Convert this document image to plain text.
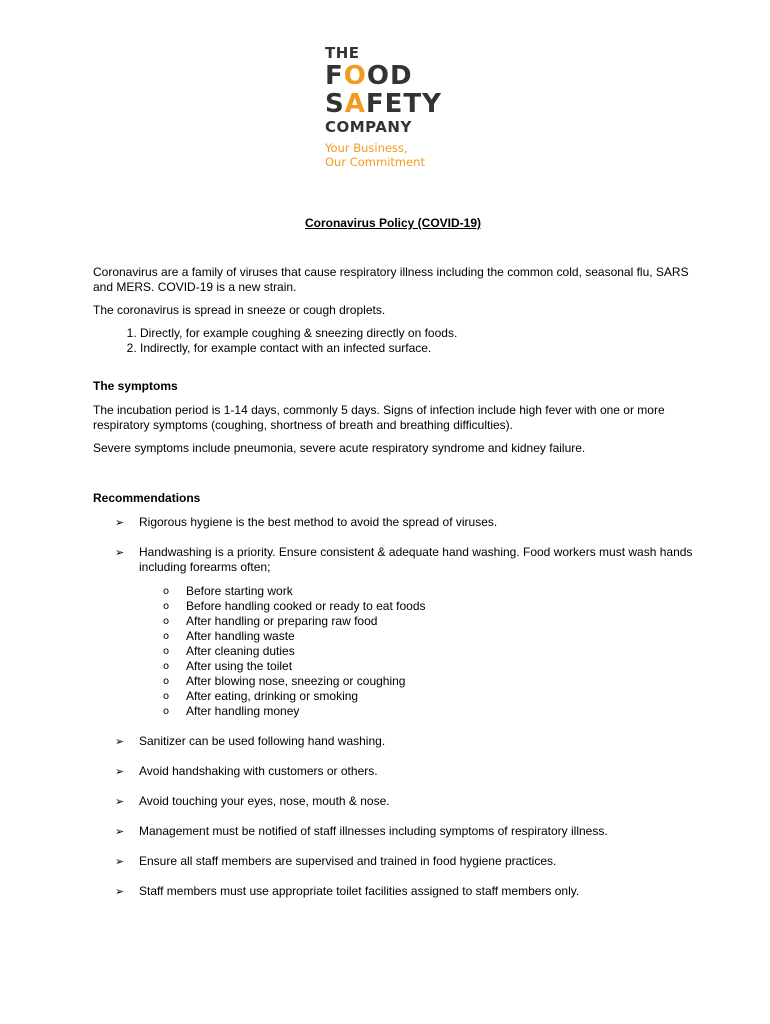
THE
FOOD
SAFETY
COMPANY
Your Business,
Our Commitment

Coronavirus Policy (COVID-19)

Coronavirus are a family of viruses that cause respiratory illness including the common cold, seasonal flu, SARS and MERS. COVID-19 is a new strain.

The coronavirus is spread in sneeze or cough droplets.

1. Directly, for example coughing & sneezing directly on foods.
2. Indirectly, for example contact with an infected surface.
The symptoms

The incubation period is 1-14 days, commonly 5 days. Signs of infection include high fever with one or more respiratory symptoms (coughing, shortness of breath and breathing difficulties).

Severe symptoms include pneumonia, severe acute respiratory syndrome and kidney failure.

Recommendations
➢ Rigorous hygiene is the best method to avoid the spread of viruses.
➢ Handwashing is a priority. Ensure consistent & adequate hand washing. Food workers must wash hands including forearms often;
o Before starting work
o Before handling cooked or ready to eat foods
o After handling or preparing raw food
o After handling waste
o After cleaning duties
o After using the toilet
o After blowing nose, sneezing or coughing
o After eating, drinking or smoking
o After handling money
➢ Sanitizer can be used following hand washing.
➢ Avoid handshaking with customers or others.
➢ Avoid touching your eyes, nose, mouth & nose.
➢ Management must be notified of staff illnesses including symptoms of respiratory illness.
➢ Ensure all staff members are supervised and trained in food hygiene practices.
➢ Staff members must use appropriate toilet facilities assigned to staff members only.
